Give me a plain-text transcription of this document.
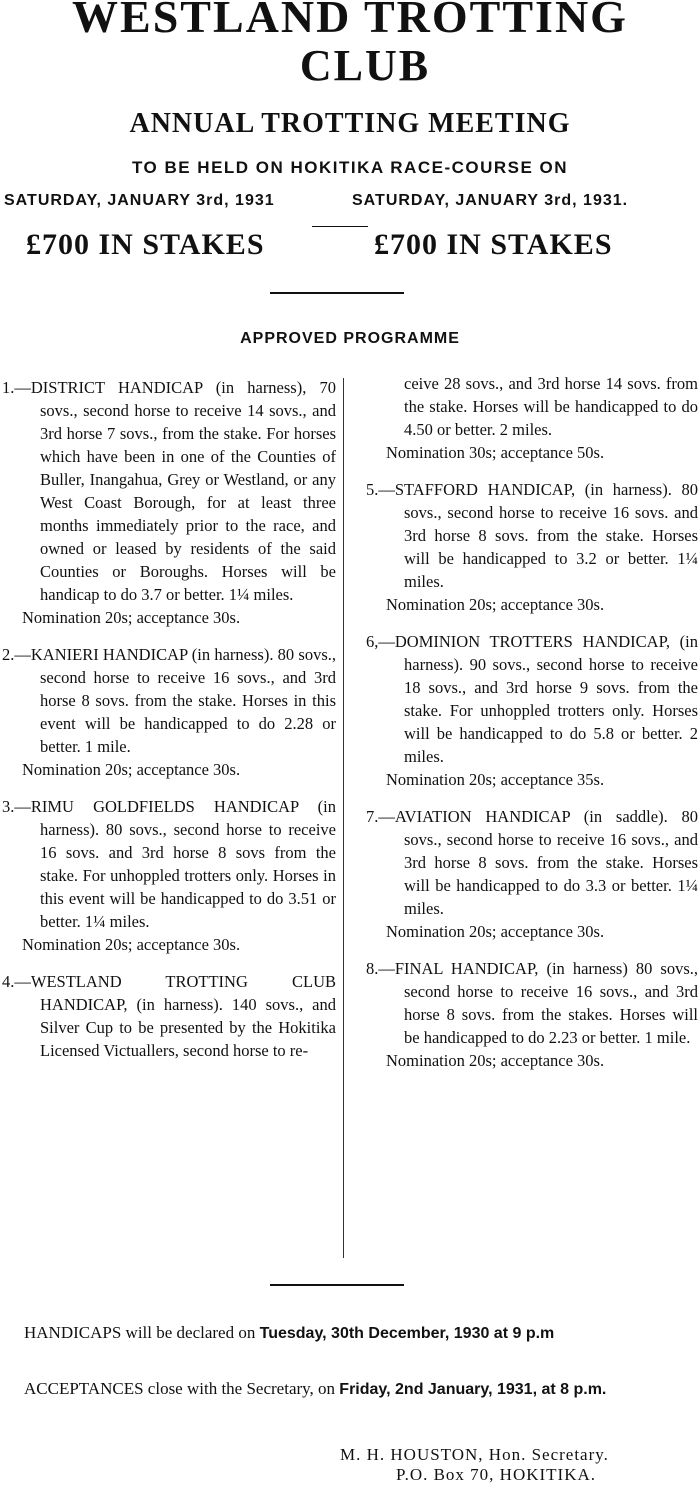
WESTLAND TROTTING
CLUB
ANNUAL TROTTING MEETING
TO BE HELD ON HOKITIKA RACE-COURSE ON
SATURDAY, JANUARY 3rd, 1931	SATURDAY, JANUARY 3rd, 1931.
£700 IN STAKES	£700 IN STAKES
APPROVED PROGRAMME

1.—DISTRICT HANDICAP (in harness), 70 sovs., second horse to receive 14 sovs., and 3rd horse 7 sovs., from the stake. For horses which have been in one of the Counties of Buller, Inangahua, Grey or Westland, or any West Coast Borough, for at least three months immediately prior to the race, and owned or leased by residents of the said Counties or Boroughs. Horses will be handicap to do 3.7 or better. 1¼ miles.

Nomination 20s; acceptance 30s.

2.—KANIERI HANDICAP (in harness). 80 sovs., second horse to receive 16 sovs., and 3rd horse 8 sovs. from the stake. Horses in this event will be handicapped to do 2.28 or better. 1 mile.

Nomination 20s; acceptance 30s.

3.—RIMU GOLDFIELDS HANDICAP (in harness). 80 sovs., second horse to receive 16 sovs. and 3rd horse 8 sovs from the stake. For unhoppled trotters only. Horses in this event will be handicapped to do 3.51 or better. 1¼ miles.

Nomination 20s; acceptance 30s.

4.—WESTLAND TROTTING CLUB HANDICAP, (in harness). 140 sovs., and Silver Cup to be presented by the Hokitika Licensed Victuallers, second horse to re-

ceive 28 sovs., and 3rd horse 14 sovs. from the stake. Horses will be handicapped to do 4.50 or better. 2 miles.

Nomination 30s; acceptance 50s.

5.—STAFFORD HANDICAP, (in harness). 80 sovs., second horse to receive 16 sovs. and 3rd horse 8 sovs. from the stake. Horses will be handicapped to 3.2 or better. 1¼ miles.

Nomination 20s; acceptance 30s.

6,—DOMINION TROTTERS HANDICAP, (in harness). 90 sovs., second horse to receive 18 sovs., and 3rd horse 9 sovs. from the stake. For unhoppled trotters only. Horses will be handicapped to do 5.8 or better. 2 miles.

Nomination 20s; acceptance 35s.

7.—AVIATION HANDICAP (in saddle). 80 sovs., second horse to receive 16 sovs., and 3rd horse 8 sovs. from the stake. Horses will be handicapped to do 3.3 or better. 1¼ miles.

Nomination 20s; acceptance 30s.

8.—FINAL HANDICAP, (in harness) 80 sovs., second horse to receive 16 sovs., and 3rd horse 8 sovs. from the stakes. Horses will be handicapped to do 2.23 or better. 1 mile.

Nomination 20s; acceptance 30s.

HANDICAPS will be declared on Tuesday, 30th December, 1930 at 9 p.m
ACCEPTANCES close with the Secretary, on Friday, 2nd January, 1931, at 8 p.m.
M. H. HOUSTON, Hon. Secretary.
P.O. Box 70, HOKITIKA.
